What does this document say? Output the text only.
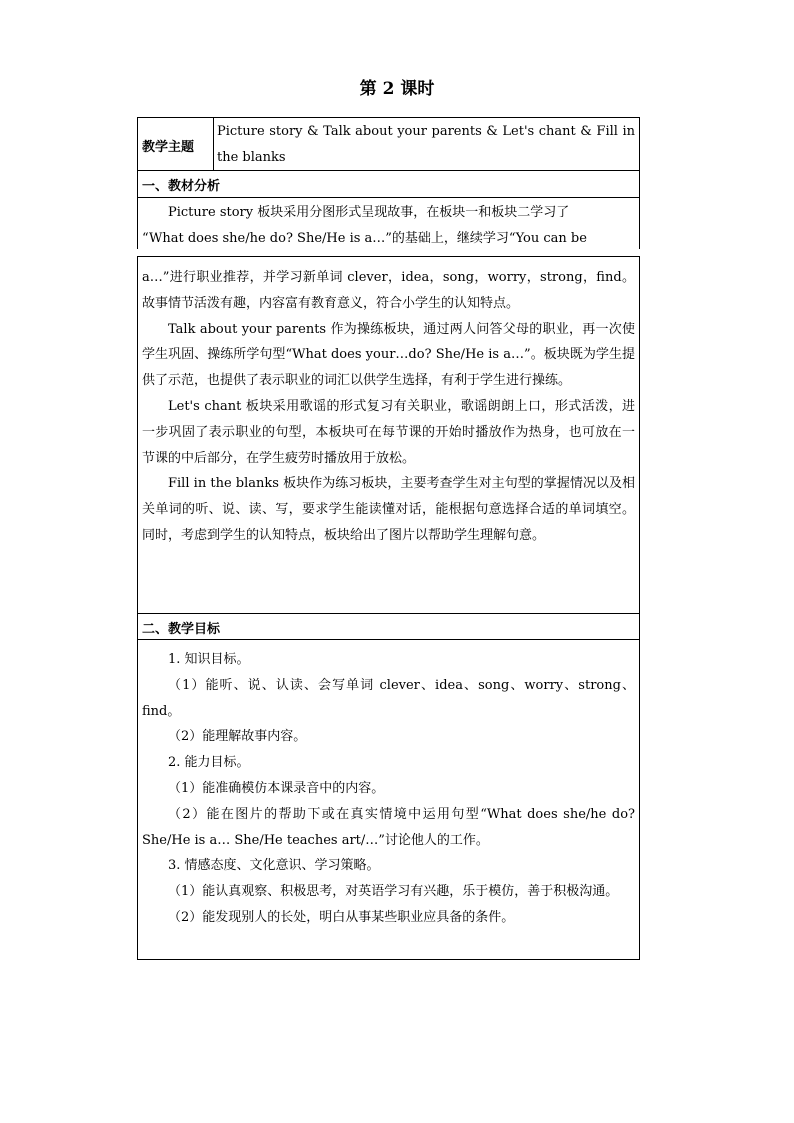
第 2 课时
教学主题
Picture story & Talk about your parents & Let's chant & Fill in the blanks
一、教材分析
Picture story 板块采用分图形式呈现故事，在板块一和板块二学习了
“What does she/he do? She/He is a…”的基础上，继续学习“You can be

a…”进行职业推荐，并学习新单词 clever，idea，song，worry，strong，find。故事情节活泼有趣，内容富有教育意义，符合小学生的认知特点。

Talk about your parents 作为操练板块，通过两人问答父母的职业，再一次使学生巩固、操练所学句型“What does your…do? She/He is a…”。板块既为学生提供了示范，也提供了表示职业的词汇以供学生选择，有利于学生进行操练。

Let's chant 板块采用歌谣的形式复习有关职业，歌谣朗朗上口，形式活泼，进一步巩固了表示职业的句型，本板块可在每节课的开始时播放作为热身，也可放在一节课的中后部分，在学生疲劳时播放用于放松。

Fill in the blanks 板块作为练习板块，主要考查学生对主句型的掌握情况以及相关单词的听、说、读、写，要求学生能读懂对话，能根据句意选择合适的单词填空。同时，考虑到学生的认知特点，板块给出了图片以帮助学生理解句意。

二、教学目标

1. 知识目标。

（1）能听、说、认读、会写单词 clever、idea、song、worry、strong、find。

（2）能理解故事内容。

2. 能力目标。

（1）能准确模仿本课录音中的内容。

（2）能在图片的帮助下或在真实情境中运用句型“What does she/he do? She/He is a… She/He teaches art/…”讨论他人的工作。

3. 情感态度、文化意识、学习策略。

（1）能认真观察、积极思考，对英语学习有兴趣，乐于模仿，善于积极沟通。

（2）能发现别人的长处，明白从事某些职业应具备的条件。
